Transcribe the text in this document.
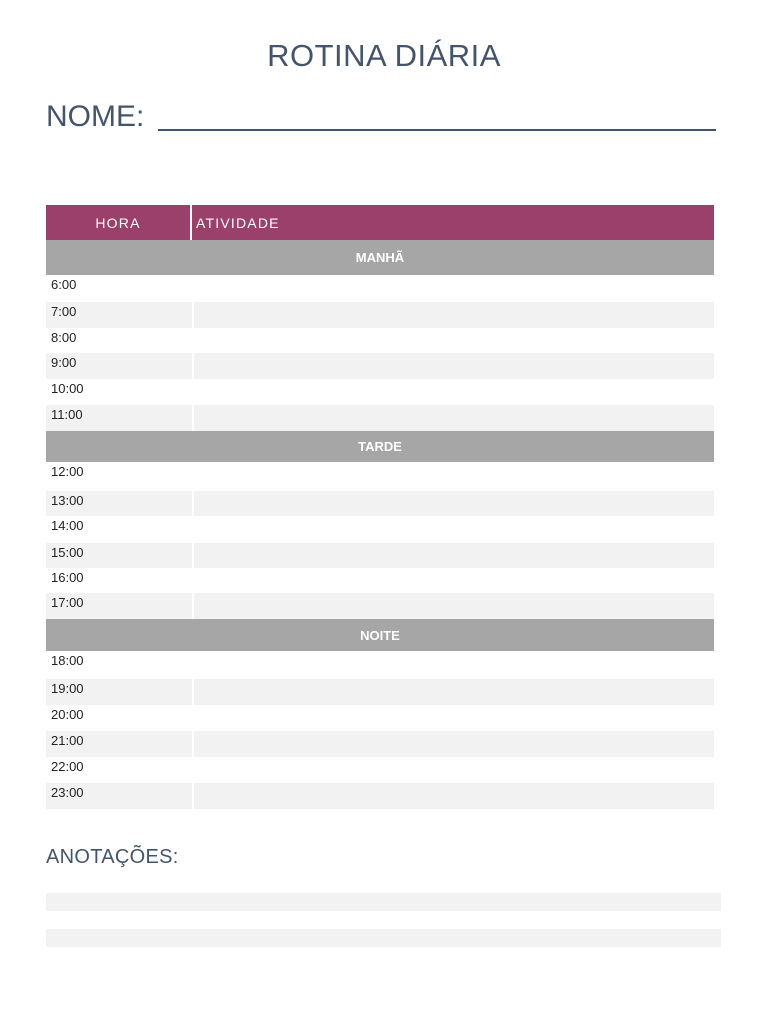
ROTINA DIÁRIA
NOME:
HORA	ATIVIDADE
MANHÃ
6:00
7:00
8:00
9:00
10:00
11:00
TARDE
12:00
13:00
14:00
15:00
16:00
17:00
NOITE
18:00
19:00
20:00
21:00
22:00
23:00
ANOTAÇÕES:
